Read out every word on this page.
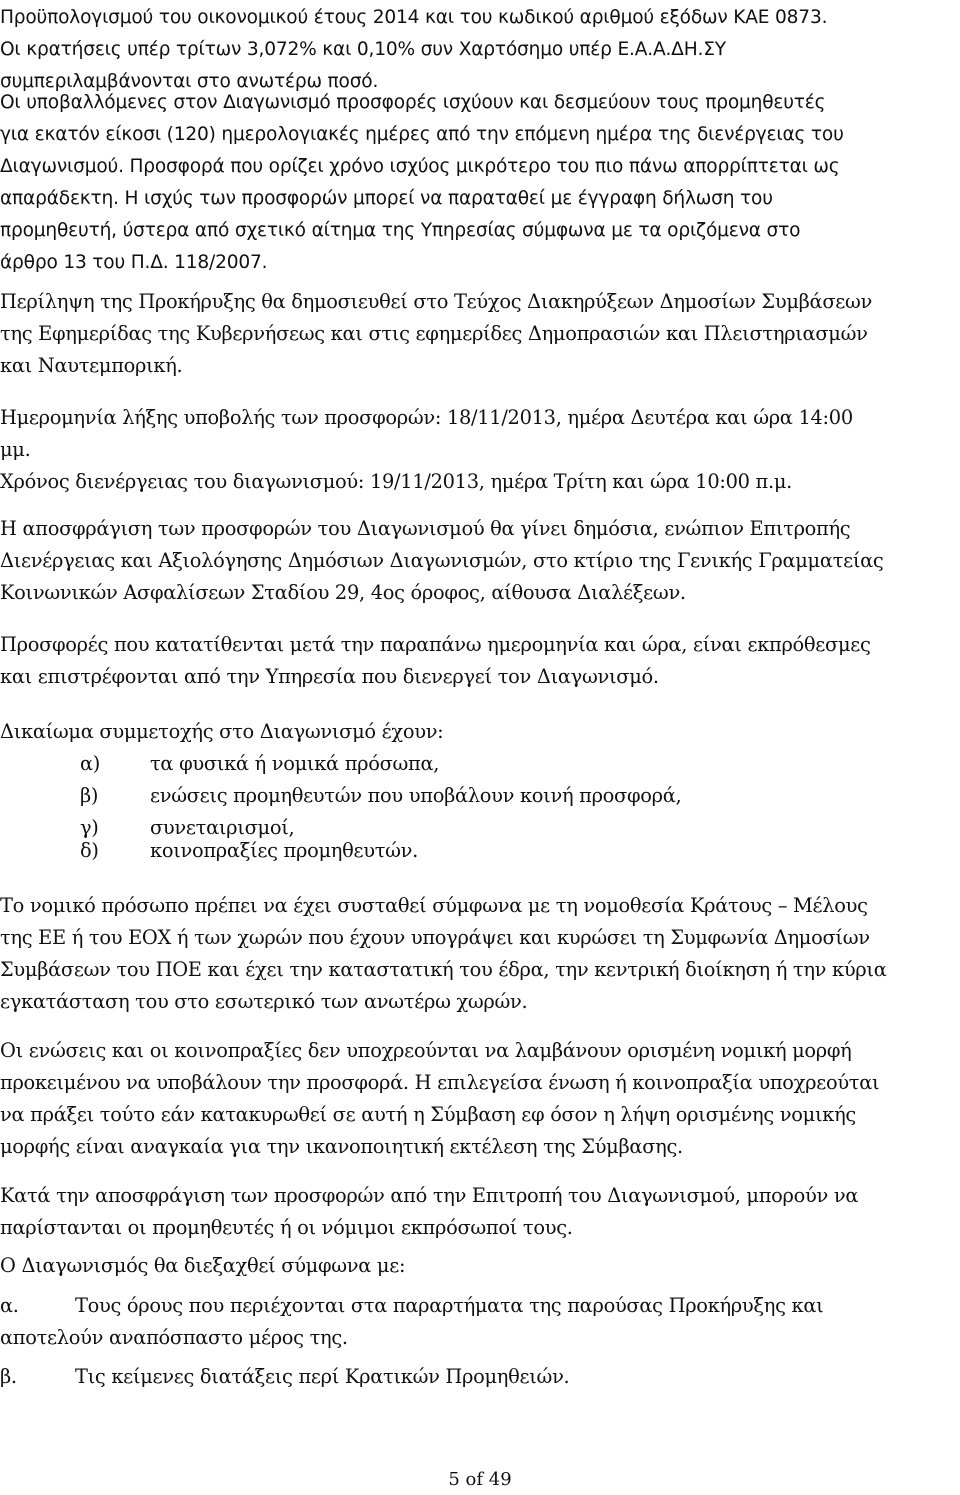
Προϋπολογισμού του οικονομικού έτους 2014 και του κωδικού αριθμού εξόδων ΚΑΕ 0873.
Οι κρατήσεις υπέρ τρίτων 3,072% και 0,10% συν Χαρτόσημο υπέρ Ε.Α.Α.ΔΗ.ΣΥ
συμπεριλαμβάνονται στο ανωτέρω ποσό.

Οι υποβαλλόμενες στον Διαγωνισμό προσφορές ισχύουν και δεσμεύουν τους προμηθευτές
για εκατόν είκοσι (120) ημερολογιακές ημέρες από την επόμενη ημέρα της διενέργειας του
Διαγωνισμού. Προσφορά που ορίζει χρόνο ισχύος μικρότερο του πιο πάνω απορρίπτεται ως
απαράδεκτη. Η ισχύς των προσφορών μπορεί να παραταθεί με έγγραφη δήλωση του
προμηθευτή, ύστερα από σχετικό αίτημα της Υπηρεσίας σύμφωνα με τα οριζόμενα στο
άρθρο 13 του Π.Δ. 118/2007.

Περίληψη της Προκήρυξης θα δημοσιευθεί στο Τεύχος Διακηρύξεων Δημοσίων Συμβάσεων
της Εφημερίδας της Κυβερνήσεως και στις εφημερίδες Δημοπρασιών και Πλειστηριασμών
και Ναυτεμπορική.

Ημερομηνία λήξης υποβολής των προσφορών: 18/11/2013, ημέρα Δευτέρα και ώρα 14:00
μμ.
Χρόνος διενέργειας του διαγωνισμού: 19/11/2013, ημέρα Τρίτη και ώρα 10:00 π.μ.

Η αποσφράγιση των προσφορών του Διαγωνισμού θα γίνει δημόσια, ενώπιον Επιτροπής
Διενέργειας και Αξιολόγησης Δημόσιων Διαγωνισμών, στο κτίριο της Γενικής Γραμματείας
Κοινωνικών Ασφαλίσεων Σταδίου 29, 4ος όροφος, αίθουσα Διαλέξεων.

Προσφορές που κατατίθενται μετά την παραπάνω ημερομηνία και ώρα, είναι εκπρόθεσμες
και επιστρέφονται από την Υπηρεσία που διενεργεί τον Διαγωνισμό.

Δικαίωμα συμμετοχής στο Διαγωνισμό έχουν:

α)	τα φυσικά ή νομικά πρόσωπα,
β)	ενώσεις προμηθευτών που υποβάλουν κοινή προσφορά,
γ)	συνεταιρισμοί,
δ)	κοινοπραξίες προμηθευτών.

Το νομικό πρόσωπο πρέπει να έχει συσταθεί σύμφωνα με τη νομοθεσία Κράτους – Μέλους
της ΕΕ ή του ΕΟΧ ή των χωρών που έχουν υπογράψει και κυρώσει τη Συμφωνία Δημοσίων
Συμβάσεων του ΠΟΕ και έχει την καταστατική του έδρα, την κεντρική διοίκηση ή την κύρια
εγκατάσταση του στο εσωτερικό των ανωτέρω χωρών.

Οι ενώσεις και οι κοινοπραξίες δεν υποχρεούνται να λαμβάνουν ορισμένη νομική μορφή
προκειμένου να υποβάλουν την προσφορά. Η επιλεγείσα ένωση ή κοινοπραξία υποχρεούται
να πράξει τούτο εάν κατακυρωθεί σε αυτή η Σύμβαση εφ όσον η λήψη ορισμένης νομικής
μορφής είναι αναγκαία για την ικανοποιητική εκτέλεση της Σύμβασης.

Κατά την αποσφράγιση των προσφορών από την Επιτροπή του Διαγωνισμού, μπορούν να
παρίστανται οι προμηθευτές ή οι νόμιμοι εκπρόσωποί τους.

Ο Διαγωνισμός θα διεξαχθεί σύμφωνα με:

α.	Τους όρους που περιέχονται στα παραρτήματα της παρούσας Προκήρυξης και
αποτελούν αναπόσπαστο μέρος της.
β.	Τις κείμενες διατάξεις περί Κρατικών Προμηθειών.
5 of 49
